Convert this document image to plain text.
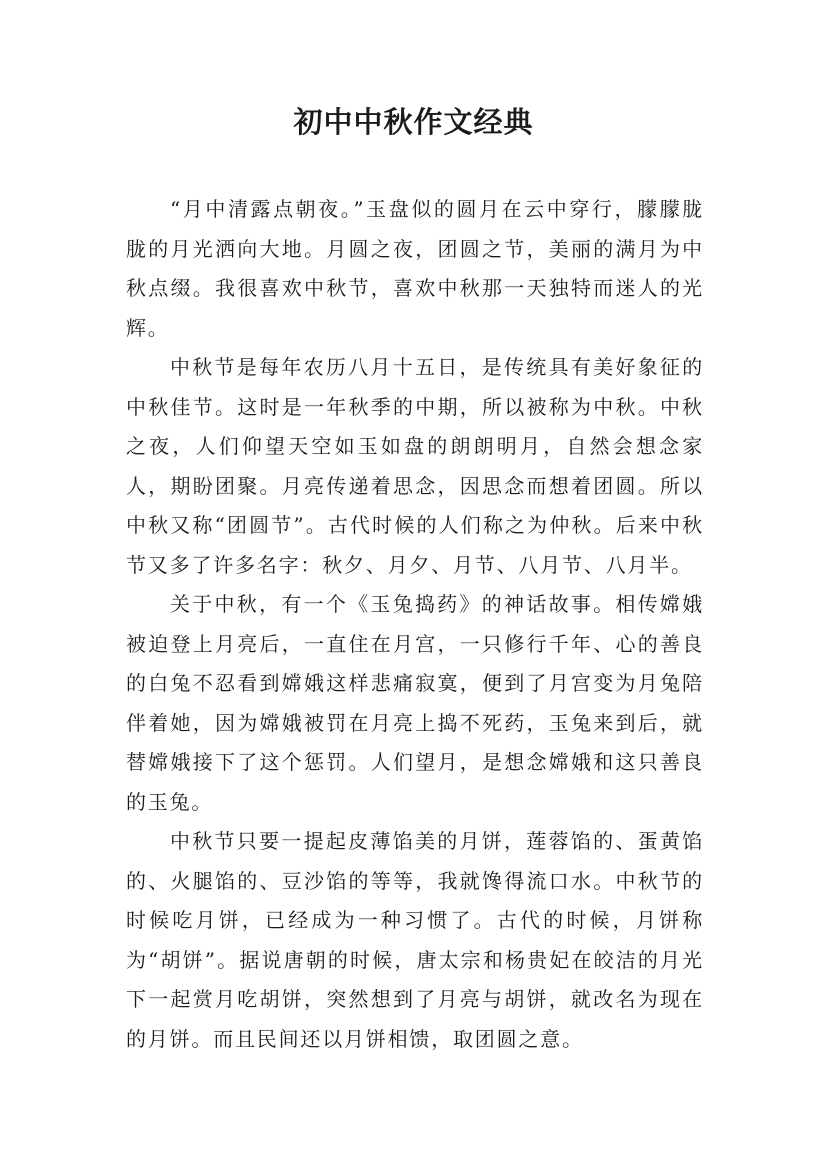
初中中秋作文经典

“月中清露点朝夜。”玉盘似的圆月在云中穿行，朦朦胧胧的月光洒向大地。月圆之夜，团圆之节，美丽的满月为中秋点缀。我很喜欢中秋节，喜欢中秋那一天独特而迷人的光辉。

中秋节是每年农历八月十五日，是传统具有美好象征的中秋佳节。这时是一年秋季的中期，所以被称为中秋。中秋之夜，人们仰望天空如玉如盘的朗朗明月，自然会想念家人，期盼团聚。月亮传递着思念，因思念而想着团圆。所以中秋又称“团圆节”。古代时候的人们称之为仲秋。后来中秋节又多了许多名字：秋夕、月夕、月节、八月节、八月半。

关于中秋，有一个《玉兔捣药》的神话故事。相传嫦娥被迫登上月亮后，一直住在月宫，一只修行千年、心的善良的白兔不忍看到嫦娥这样悲痛寂寞，便到了月宫变为月兔陪伴着她，因为嫦娥被罚在月亮上捣不死药，玉兔来到后，就替嫦娥接下了这个惩罚。人们望月，是想念嫦娥和这只善良的玉兔。

中秋节只要一提起皮薄馅美的月饼，莲蓉馅的、蛋黄馅的、火腿馅的、豆沙馅的等等，我就馋得流口水。中秋节的时候吃月饼，已经成为一种习惯了。古代的时候，月饼称为“胡饼”。据说唐朝的时候，唐太宗和杨贵妃在皎洁的月光下一起赏月吃胡饼，突然想到了月亮与胡饼，就改名为现在的月饼。而且民间还以月饼相馈，取团圆之意。
